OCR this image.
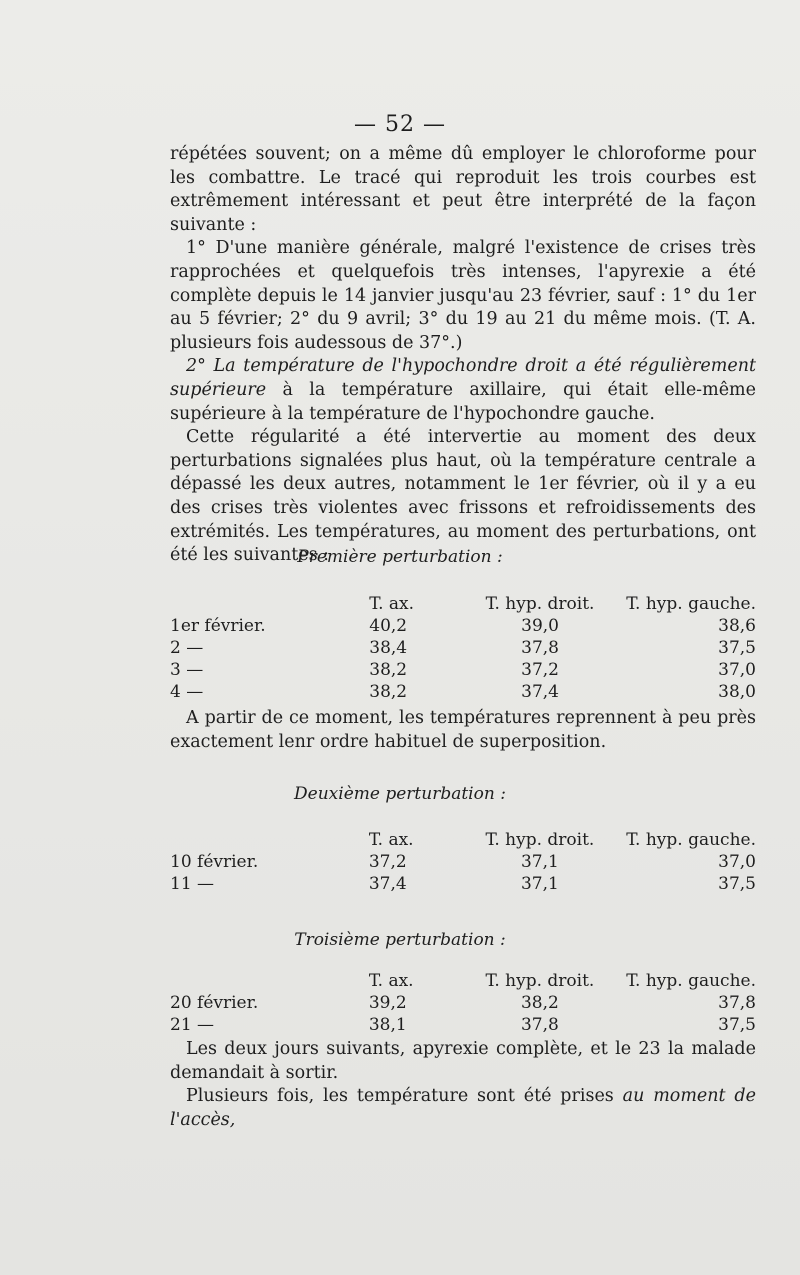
— 52 —

répétées souvent; on a même dû employer le chloroforme pour les combattre. Le tracé qui reproduit les trois courbes est extrêmement intéressant et peut être interprété de la façon suivante :

1° D'une manière générale, malgré l'existence de crises très rapprochées et quelquefois très intenses, l'apyrexie a été complète depuis le 14 janvier jusqu'au 23 février, sauf : 1° du 1er au 5 février; 2° du 9 avril; 3° du 19 au 21 du même mois. (T. A. plusieurs fois audessous de 37°.)

2° La température de l'hypochondre droit a été régulièrement supérieure à la température axillaire, qui était elle-même supérieure à la température de l'hypochondre gauche.

Cette régularité a été intervertie au moment des deux perturbations signalées plus haut, où la température centrale a dépassé les deux autres, notamment le 1er février, où il y a eu des crises très violentes avec frissons et refroidissements des extrémités. Les températures, au moment des perturbations, ont été les suivantes :

Première perturbation :
	T. ax.	T. hyp. droit.	T. hyp. gauche.
1er février.	40,2	39,0	38,6
2 —	38,4	37,8	37,5
3 —	38,2	37,2	37,0
4 —	38,2	37,4	38,0

A partir de ce moment, les températures reprennent à peu près exactement lenr ordre habituel de superposition.

Deuxième perturbation :
	T. ax.	T. hyp. droit.	T. hyp. gauche.
10 février.	37,2	37,1	37,0
11 —	37,4	37,1	37,5
Troisième perturbation :
	T. ax.	T. hyp. droit.	T. hyp. gauche.
20 février.	39,2	38,2	37,8
21 —	38,1	37,8	37,5

Les deux jours suivants, apyrexie complète, et le 23 la malade demandait à sortir.

Plusieurs fois, les température sont été prises au moment de l'accès,
